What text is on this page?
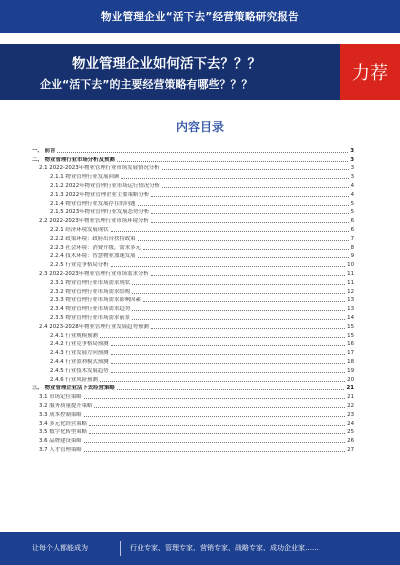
物业管理企业“活下去”经营策略研究报告
物业管理企业如何活下去？？？
企业“活下去”的主要经营策略有哪些？？？
力荐
内容目录
一、 前言	3
二、 物业管理行业市场分析及预测	3
2.1 2022-2023年物业管理行业市场发展情况分析	3
2.1.1 物业管理行业发展回顾	3
2.1.2 2022年物业管理行业市场运行情况分析	4
2.1.3 2022年物业管理企业主要策略分析	4
2.1.4 物业管理行业发展存在的问题	5
2.1.5 2023年物业管理行业发展态势分析	5
2.2 2022-2023年物业管理行业市场环境分析	6
2.2.1 经济环境发展现状	6
2.2.2 政策环境：政府出台扶持政策	7
2.2.3 社会环境：消费升级，需求多元	8
2.2.4 技术环境：智慧物业加速发展	9
2.2.5 行业竞争格局分析	10
2.3 2022-2023年物业管理行业市场需求分析	11
2.3.1 物业管理行业市场需求现状	11
2.3.2 物业管理行业市场需求结构	12
2.3.3 物业管理行业市场需求影响因素	13
2.3.4 物业管理行业市场需求趋势	13
2.3.5 物业管理行业市场需求前景	14
2.4 2023-2028年物业管理行业发展趋势预测	15
2.4.1 行业规模预测	15
2.4.2 行业竞争格局预测	16
2.4.3 行业发展方向预测	17
2.4.4 行业盈利模式预测	18
2.4.5 行业技术发展趋势	19
2.4.6 行业风险预测	20
三、 物业管理企业活下去经营策略	21
3.1 市场定位策略	21
3.2 服务质量提升策略	22
3.3 成本控制策略	23
3.4 多元化经营策略	24
3.5 数字化转型策略	25
3.6 品牌建设策略	26
3.7 人才管理策略	27
让每个人都能成为	行业专家、管理专家、营销专家、战略专家、成功企业家……
